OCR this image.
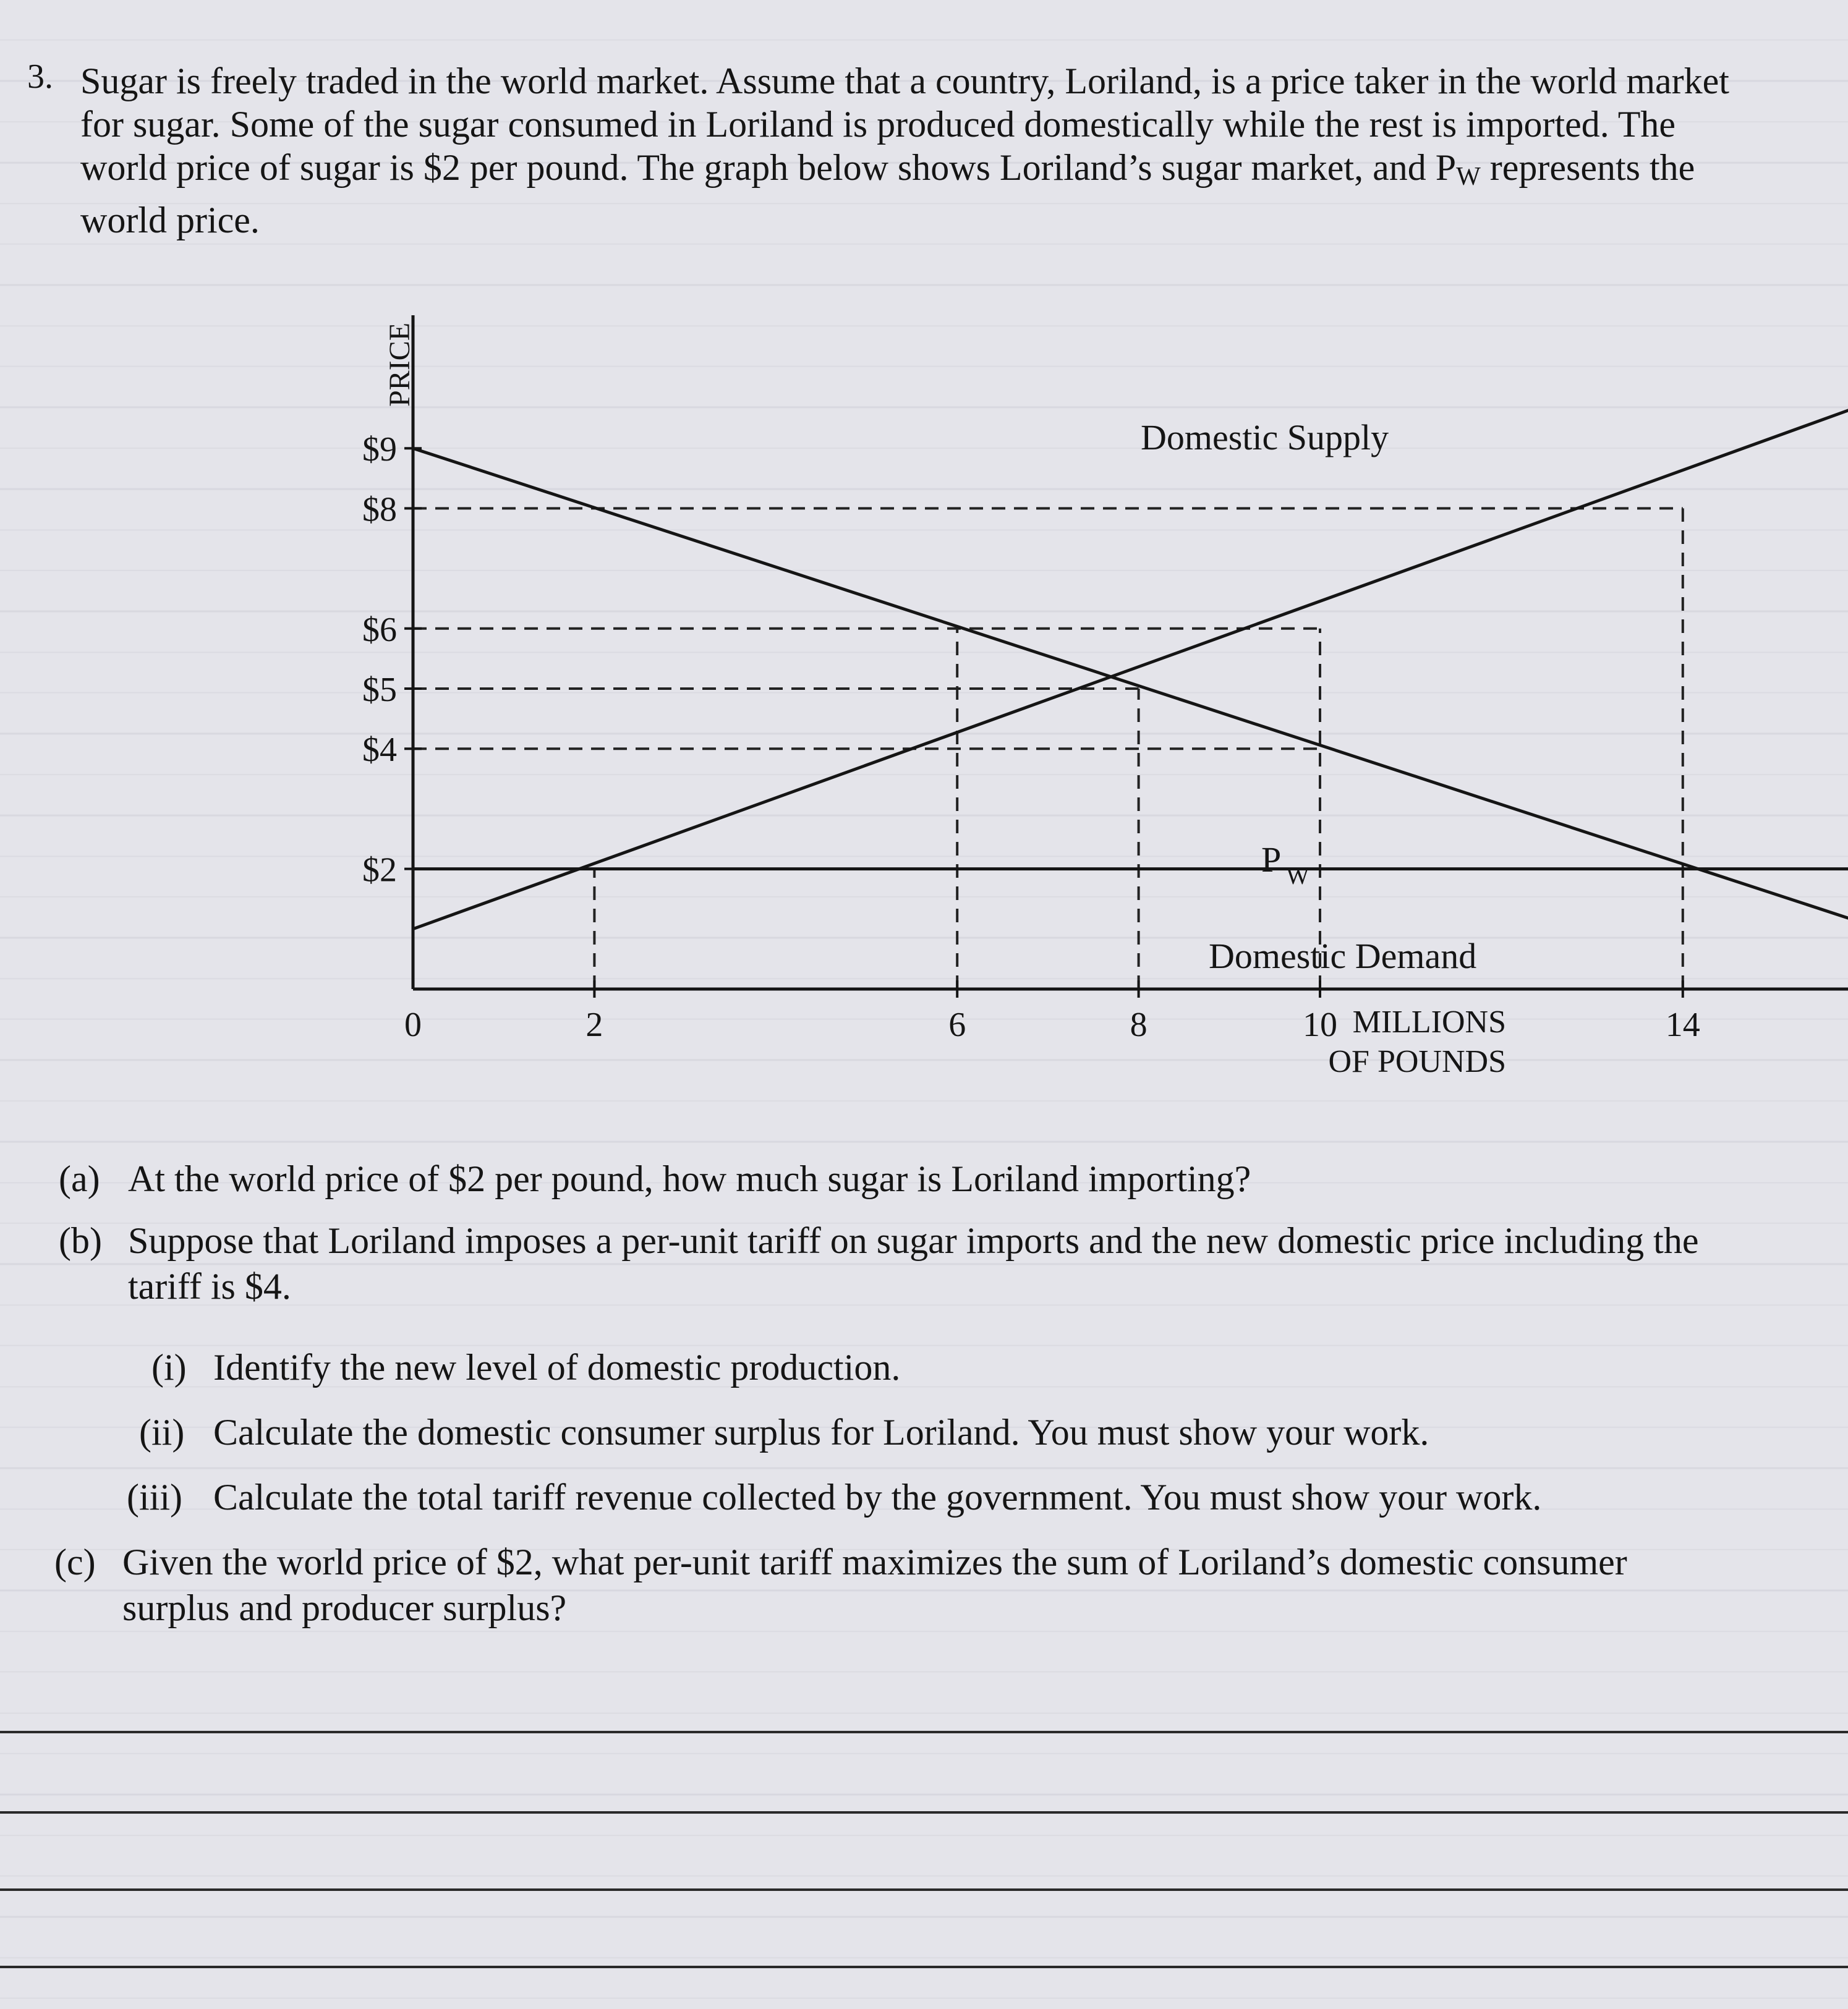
3. Sugar is freely traded in the world market. Assume that a country, Loriland, is a price taker in the world market
for sugar. Some of the sugar consumed in Loriland is produced domestically while the rest is imported. The
world price of sugar is $2 per pound. The graph below shows Loriland’s sugar market, and $P_W$ represents the
world price.
$9
$8
$6
$5
$4
$2
0	2	6	8	10	14
PRICE
MILLIONS
OF POUNDS
Domestic Supply
Domestic Demand
P W
(a) At the world price of $2 per pound, how much sugar is Loriland importing?
(b) Suppose that Loriland imposes a per-unit tariff on sugar imports and the new domestic price including the
tariff is $4.
(i) Identify the new level of domestic production.
(ii) Calculate the domestic consumer surplus for Loriland. You must show your work.
(iii) Calculate the total tariff revenue collected by the government. You must show your work.
(c) Given the world price of $2, what per-unit tariff maximizes the sum of Loriland’s domestic consumer
surplus and producer surplus?
